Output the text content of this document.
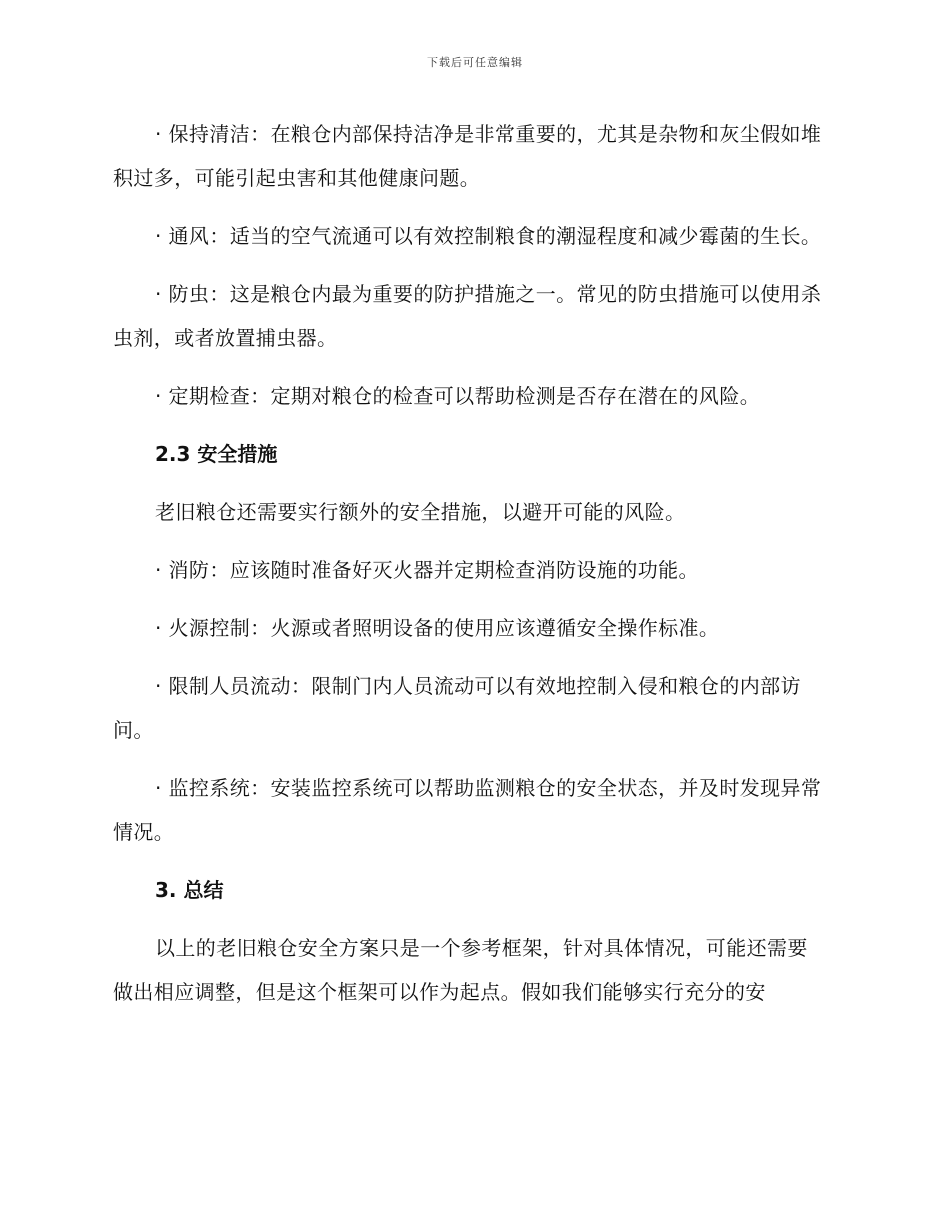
下载后可任意编辑

· 保持清洁：在粮仓内部保持洁净是非常重要的，尤其是杂物和灰尘假如堆积过多，可能引起虫害和其他健康问题。

· 通风：适当的空气流通可以有效控制粮食的潮湿程度和减少霉菌的生长。

· 防虫：这是粮仓内最为重要的防护措施之一。常见的防虫措施可以使用杀虫剂，或者放置捕虫器。

· 定期检查：定期对粮仓的检查可以帮助检测是否存在潜在的风险。

2.3 安全措施

老旧粮仓还需要实行额外的安全措施，以避开可能的风险。

· 消防：应该随时准备好灭火器并定期检查消防设施的功能。

· 火源控制：火源或者照明设备的使用应该遵循安全操作标准。

· 限制人员流动：限制门内人员流动可以有效地控制入侵和粮仓的内部访问。

· 监控系统：安装监控系统可以帮助监测粮仓的安全状态，并及时发现异常情况。

3. 总结

以上的老旧粮仓安全方案只是一个参考框架，针对具体情况，可能还需要做出相应调整，但是这个框架可以作为起点。假如我们能够实行充分的安
